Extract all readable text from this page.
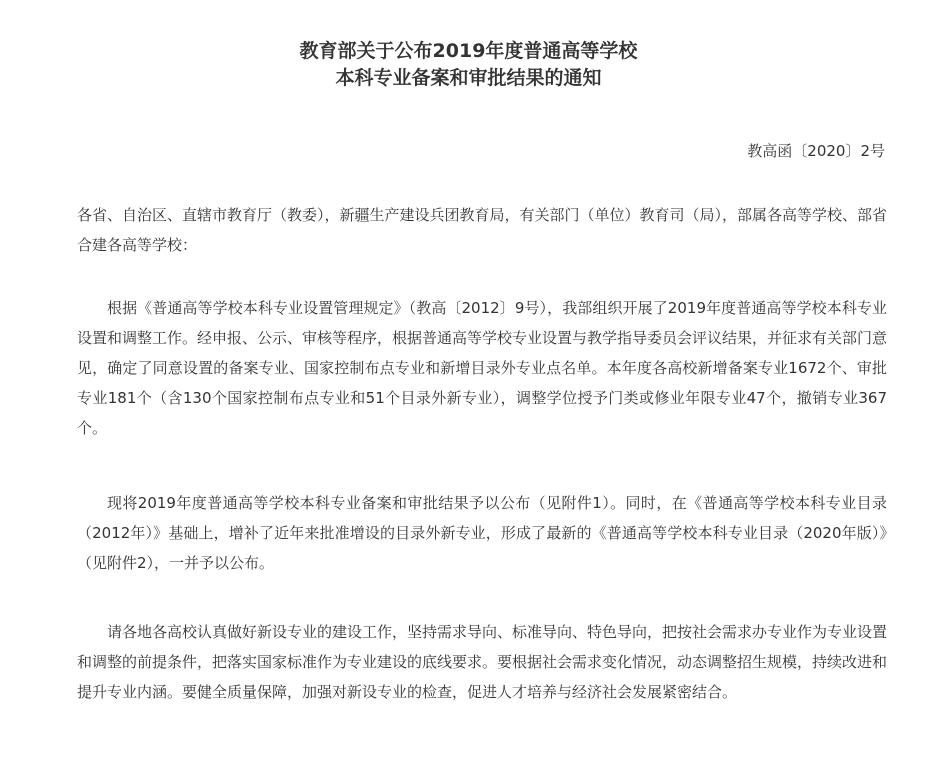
教育部关于公布2019年度普通高等学校
本科专业备案和审批结果的通知
教高函〔2020〕2号
各省、自治区、直辖市教育厅（教委），新疆生产建设兵团教育局，有关部门（单位）教育司（局），部属各高等学校、部省合建各高等学校：
根据《普通高等学校本科专业设置管理规定》（教高〔2012〕9号），我部组织开展了2019年度普通高等学校本科专业设置和调整工作。经申报、公示、审核等程序，根据普通高等学校专业设置与教学指导委员会评议结果，并征求有关部门意见，确定了同意设置的备案专业、国家控制布点专业和新增目录外专业点名单。本年度各高校新增备案专业1672个、审批专业181个（含130个国家控制布点专业和51个目录外新专业），调整学位授予门类或修业年限专业47个，撤销专业367个。
现将2019年度普通高等学校本科专业备案和审批结果予以公布（见附件1）。同时，在《普通高等学校本科专业目录（2012年）》基础上，增补了近年来批准增设的目录外新专业，形成了最新的《普通高等学校本科专业目录（2020年版）》（见附件2），一并予以公布。
请各地各高校认真做好新设专业的建设工作，坚持需求导向、标准导向、特色导向，把按社会需求办专业作为专业设置和调整的前提条件，把落实国家标准作为专业建设的底线要求。要根据社会需求变化情况，动态调整招生规模，持续改进和提升专业内涵。要健全质量保障，加强对新设专业的检查，促进人才培养与经济社会发展紧密结合。
